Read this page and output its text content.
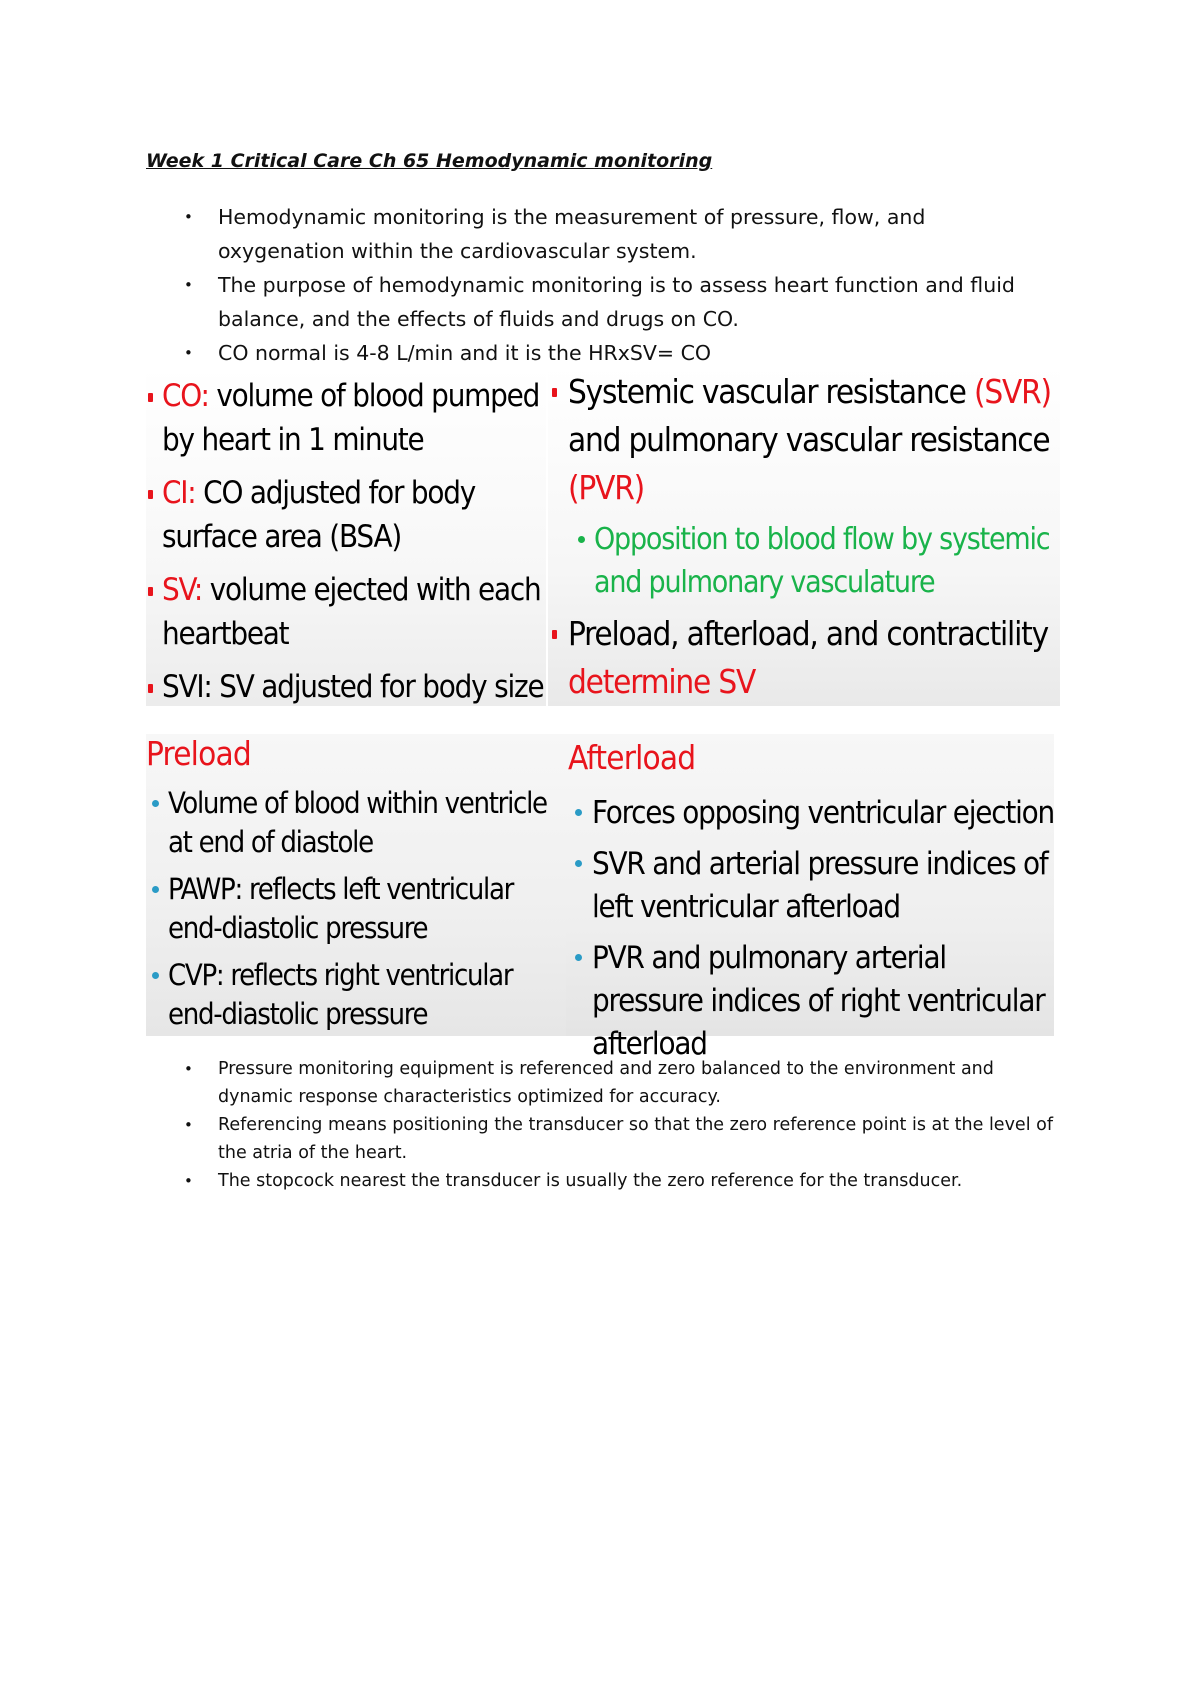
Week 1 Critical Care Ch 65 Hemodynamic monitoring
• Hemodynamic monitoring is the measurement of pressure, flow, and oxygenation within the cardiovascular system.
• The purpose of hemodynamic monitoring is to assess heart function and fluid balance, and the effects of fluids and drugs on CO.
• CO normal is 4-8 L/min and it is the HRxSV= CO
CO: volume of blood pumped by heart in 1 minute
CI: CO adjusted for body surface area (BSA)
SV: volume ejected with each heartbeat
SVI: SV adjusted for body size
Systemic vascular resistance (SVR) and pulmonary vascular resistance (PVR)
Preload, afterload, and contractility determine SV
Opposition to blood flow by systemic and pulmonary vasculature
Preload
Volume of blood within ventricle at end of diastole
PAWP: reflects left ventricular end-diastolic pressure
CVP: reflects right ventricular end-diastolic pressure
Afterload
Forces opposing ventricular ejection
SVR and arterial pressure indices of left ventricular afterload
PVR and pulmonary arterial pressure indices of right ventricular afterload
• Pressure monitoring equipment is referenced and zero balanced to the environment and dynamic response characteristics optimized for accuracy.
• Referencing means positioning the transducer so that the zero reference point is at the level of the atria of the heart.
• The stopcock nearest the transducer is usually the zero reference for the transducer.
